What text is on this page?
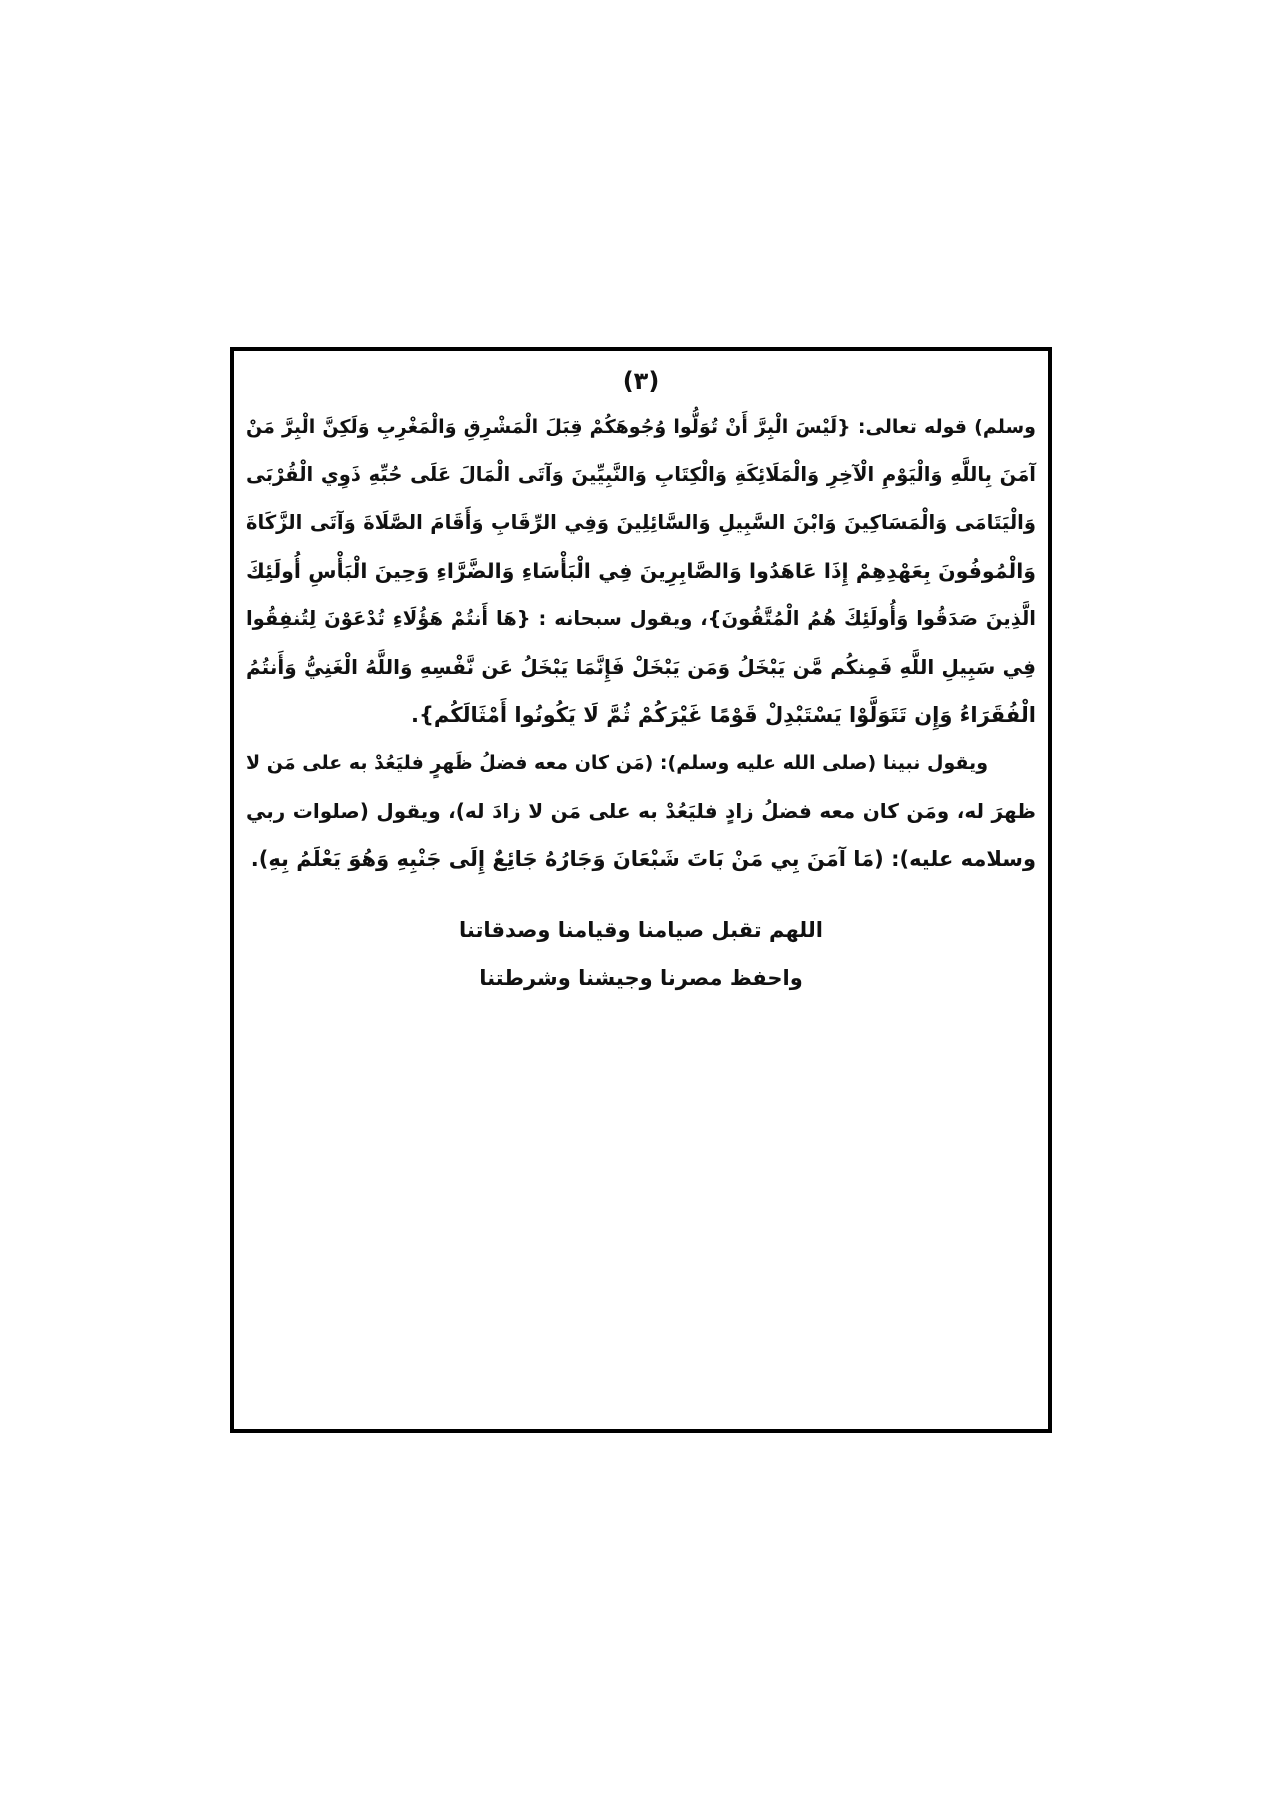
(٣)
وسلم) قوله تعالى: {لَيْسَ الْبِرَّ أَنْ تُوَلُّوا وُجُوهَكُمْ قِبَلَ الْمَشْرِقِ وَالْمَغْرِبِ وَلَكِنَّ الْبِرَّ مَنْ
آمَنَ بِاللَّهِ وَالْيَوْمِ الْآخِرِ وَالْمَلَائِكَةِ وَالْكِتَابِ وَالنَّبِيِّينَ وَآتَى الْمَالَ عَلَى حُبِّهِ ذَوِي الْقُرْبَى
وَالْيَتَامَى وَالْمَسَاكِينَ وَابْنَ السَّبِيلِ وَالسَّائِلِينَ وَفِي الرِّقَابِ وَأَقَامَ الصَّلَاةَ وَآتَى الزَّكَاةَ
وَالْمُوفُونَ بِعَهْدِهِمْ إِذَا عَاهَدُوا وَالصَّابِرِينَ فِي الْبَأْسَاءِ وَالضَّرَّاءِ وَحِينَ الْبَأْسِ أُولَئِكَ
الَّذِينَ صَدَقُوا وَأُولَئِكَ هُمُ الْمُتَّقُونَ}، ويقول سبحانه : {هَا أَنتُمْ هَؤُلَاءِ تُدْعَوْنَ لِتُنفِقُوا
فِي سَبِيلِ اللَّهِ فَمِنكُم مَّن يَبْخَلُ وَمَن يَبْخَلْ فَإِنَّمَا يَبْخَلُ عَن نَّفْسِهِ وَاللَّهُ الْغَنِيُّ وَأَنتُمُ
الْفُقَرَاءُ وَإِن تَتَوَلَّوْا يَسْتَبْدِلْ قَوْمًا غَيْرَكُمْ ثُمَّ لَا يَكُونُوا أَمْثَالَكُم}.
ويقول نبينا (صلى الله عليه وسلم): (مَن كان معه فضلُ ظَهرٍ فليَعُدْ به على مَن لا
ظهرَ له، ومَن كان معه فضلُ زادٍ فليَعُدْ به على مَن لا زادَ له)، ويقول (صلوات ربي
وسلامه عليه): (مَا آمَنَ بِي مَنْ بَاتَ شَبْعَانَ وَجَارُهُ جَائِعٌ إِلَى جَنْبِهِ وَهُوَ يَعْلَمُ بِهِ).
اللهم تقبل صيامنا وقيامنا وصدقاتنا
واحفظ مصرنا وجيشنا وشرطتنا
